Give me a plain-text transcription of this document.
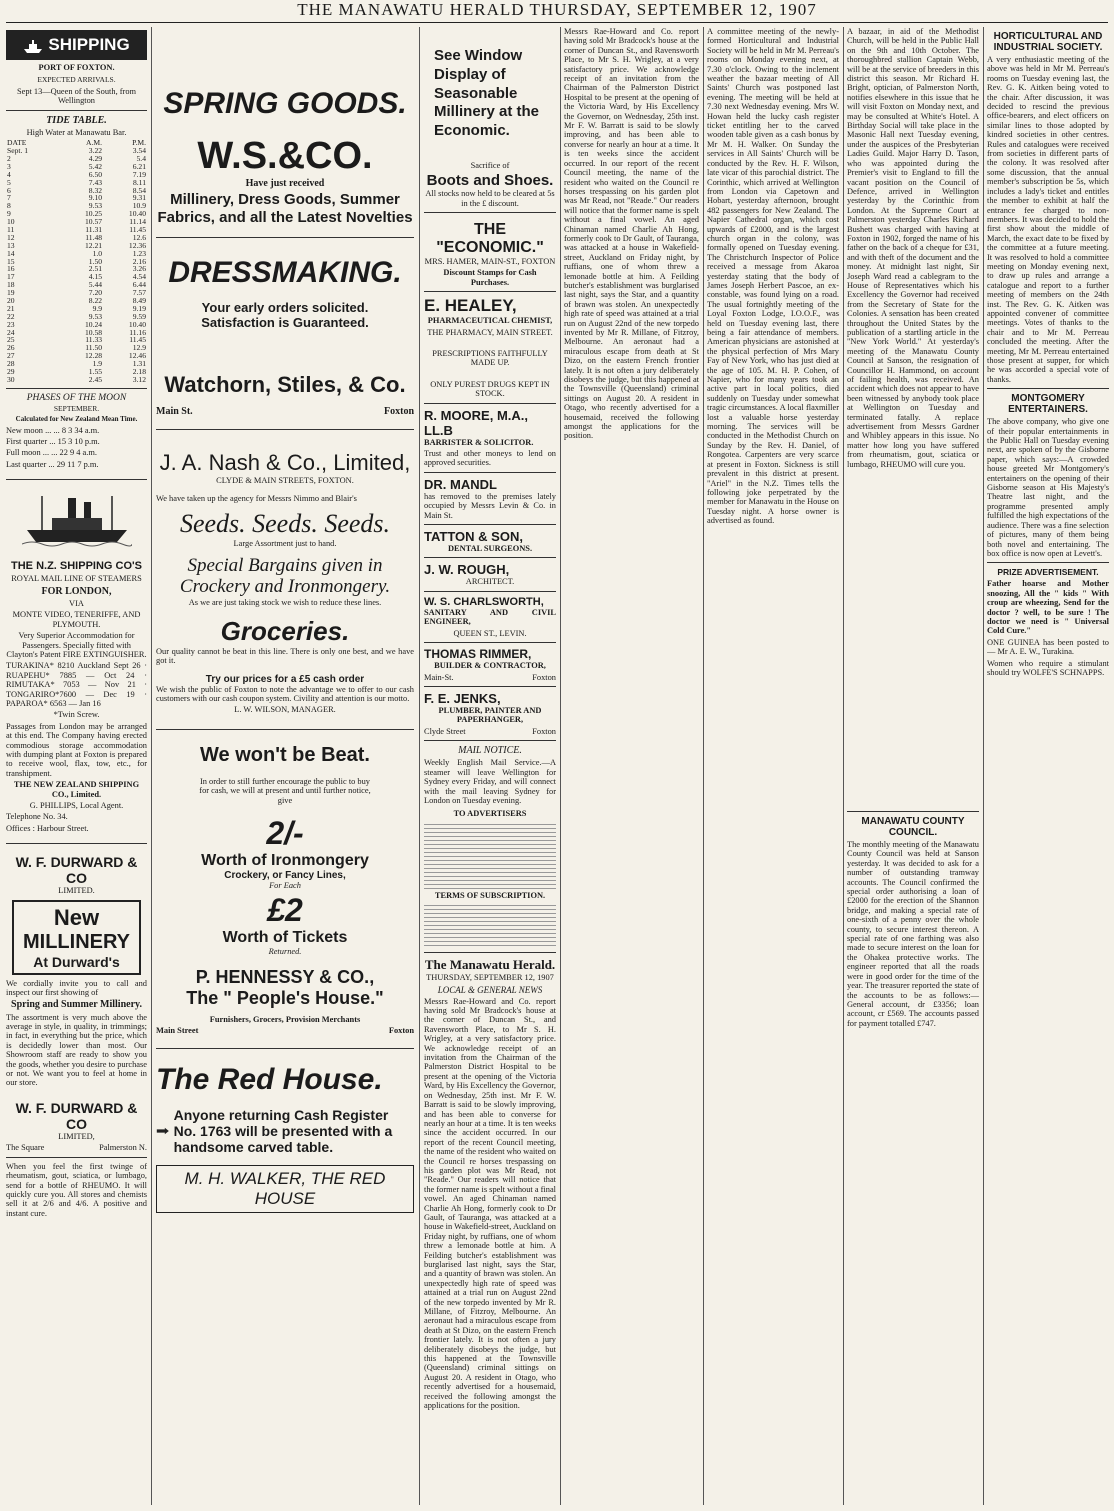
THE MANAWATU HERALD THURSDAY, SEPTEMBER 12, 1907
SHIPPING
PORT OF FOXTON.
EXPECTED ARRIVALS.
Sept 13—Queen of the South, from Wellington
TIDE TABLE.
High Water at Manawatu Bar.
DATE	A.M.	P.M.
Sept. 1	3.22	3.54
2	4.29	5.4
3	5.42	6.21
4	6.50	7.19
5	7.43	8.11
6	8.32	8.54
7	9.10	9.31
8	9.53	10.9
9	10.25	10.40
10	10.57	11.14
11	11.31	11.45
12	11.48	12.6
13	12.21	12.36
14	1.0	1.23
15	1.50	2.16
16	2.51	3.26
17	4.15	4.54
18	5.44	6.44
19	7.20	7.57
20	8.22	8.49
21	9.9	9.19
22	9.53	9.59
23	10.24	10.40
24	10.58	11.16
25	11.33	11.45
26	11.50	12.9
27	12.28	12.46
28	1.9	1.31
29	1.55	2.18
30	2.45	3.12
PHASES OF THE MOON
SEPTEMBER.
Calculated for New Zealand Mean Time.
New moon ... ... 8 3 34 a.m.
First quarter ... 15 3 10 p.m.
Full moon ... ... 22 9 4 a.m.
Last quarter ... 29 11 7 p.m.
THE N.Z. SHIPPING CO'S
ROYAL MAIL LINE OF STEAMERS
FOR LONDON,
VIA
MONTE VIDEO, TENERIFFE, AND PLYMOUTH.
Very Superior Accommodation for Passengers. Specially fitted with Clayton's Patent FIRE EXTINGUISHER.
TURAKINA* 8210 Auckland Sept 26 · RUAPEHU* 7885 — Oct 24 · RIMUTAKA* 7053 — Nov 21 · TONGARIRO*7600 — Dec 19 · PAPAROA* 6563 — Jan 16
*Twin Screw.
Passages from London may be arranged at this end. The Company having erected commodious storage accommodation with dumping plant at Foxton is prepared to receive wool, flax, tow, etc., for transhipment.
THE NEW ZEALAND SHIPPING CO., Limited.
G. PHILLIPS, Local Agent.
Telephone No. 34.
Offices : Harbour Street.
W. F. DURWARD & CO
LIMITED.
New
MILLINERY
At Durward's
We cordially invite you to call and inspect our first showing of
Spring and Summer Millinery.
The assortment is very much above the average in style, in quality, in trimmings; in fact, in everything but the price, which is decidedly lower than most. Our Showroom staff are ready to show you the goods, whether you desire to purchase or not. We want you to feel at home in our store.
W. F. DURWARD & CO
LIMITED,
The Square	Palmerston N.
When you feel the first twinge of rheumatism, gout, sciatica, or lumbago, send for a bottle of RHEUMO. It will quickly cure you. All stores and chemists sell it at 2/6 and 4/6. A positive and instant cure.
SPRING GOODS.
W.S.&CO.
Have just received
Millinery, Dress Goods, Summer Fabrics, and all the Latest Novelties
DRESSMAKING.
Your early orders solicited.
Satisfaction is Guaranteed.
Watchorn, Stiles, & Co.
Main St.	Foxton
J. A. Nash & Co., Limited,
CLYDE & MAIN STREETS, FOXTON.
We have taken up the agency for Messrs Nimmo and Blair's
Seeds. Seeds. Seeds.
Large Assortment just to hand.
Special Bargains given in Crockery and Ironmongery.
As we are just taking stock we wish to reduce these lines.
Groceries.
Our quality cannot be beat in this line. There is only one best, and we have got it.
Try our prices for a £5 cash order
We wish the public of Foxton to note the advantage we to offer to our cash customers with our cash coupon system. Civility and attention is our motto.
L. W. WILSON, MANAGER.
We won't be Beat.
In order to still further encourage the public to buy for cash, we will at present and until further notice, give
2/-
Worth of Ironmongery
Crockery, or Fancy Lines,
For Each
£2
Worth of Tickets
Returned.
P. HENNESSY & CO.,
The " People's House."
Furnishers, Grocers, Provision Merchants
Main Street	Foxton
The Red House.
Anyone returning Cash Register No. 1763 will be presented with a handsome carved table.
M. H. WALKER, THE RED HOUSE
See Window Display of Seasonable Millinery at the Economic.
Sacrifice of
Boots and Shoes.
All stocks now held to be cleared at 5s in the £ discount.
THE "ECONOMIC."
MRS. HAMER, MAIN-ST., FOXTON
Discount Stamps for Cash Purchases.
E. HEALEY,
PHARMACEUTICAL CHEMIST,
THE PHARMACY, MAIN STREET.
PRESCRIPTIONS FAITHFULLY MADE UP.
ONLY PUREST DRUGS KEPT IN STOCK.
R. MOORE, M.A., LL.B
BARRISTER & SOLICITOR.
Trust and other moneys to lend on approved securities.
DR. MANDL
has removed to the premises lately occupied by Messrs Levin & Co. in Main St.
TATTON & SON,
DENTAL SURGEONS.
J. W. ROUGH,
ARCHITECT.
W. S. CHARLSWORTH,
SANITARY AND CIVIL ENGINEER,
QUEEN ST., LEVIN.
THOMAS RIMMER,
BUILDER & CONTRACTOR,
Main-St.	Foxton
F. E. JENKS,
PLUMBER, PAINTER AND PAPERHANGER,
Clyde Street	Foxton
MAIL NOTICE.
Weekly English Mail Service.—A steamer will leave Wellington for Sydney every Friday, and will connect with the mail leaving Sydney for London on Tuesday evening.
TO ADVERTISERS
TERMS OF SUBSCRIPTION.
The Manawatu Herald.
THURSDAY, SEPTEMBER 12, 1907
LOCAL & GENERAL NEWS
Messrs Rae-Howard and Co. report having sold Mr Bradcock's house at the corner of Duncan St., and Ravensworth Place, to Mr S. H. Wrigley, at a very satisfactory price. We acknowledge receipt of an invitation from the Chairman of the Palmerston District Hospital to be present at the opening of the Victoria Ward, by His Excellency the Governor, on Wednesday, 25th inst. Mr F. W. Barratt is said to be slowly improving, and has been able to converse for nearly an hour at a time. It is ten weeks since the accident occurred. In our report of the recent Council meeting, the name of the resident who waited on the Council re horses trespassing on his garden plot was Mr Read, not "Reade." Our readers will notice that the former name is spelt without a final vowel. An aged Chinaman named Charlie Ah Hong, formerly cook to Dr Gault, of Tauranga, was attacked at a house in Wakefield-street, Auckland on Friday night, by ruffians, one of whom threw a lemonade bottle at him. A Feilding butcher's establishment was burglarised last night, says the Star, and a quantity of brawn was stolen. An unexpectedly high rate of speed was attained at a trial run on August 22nd of the new torpedo invented by Mr R. Millane, of Fitzroy, Melbourne. An aeronaut had a miraculous escape from death at St Dizo, on the eastern French frontier lately. It is not often a jury deliberately disobeys the judge, but this happened at the Townsville (Queensland) criminal sittings on August 20. A resident in Otago, who recently advertised for a housemaid, received the following amongst the applications for the position.
Messrs Rae-Howard and Co. report having sold Mr Bradcock's house at the corner of Duncan St., and Ravensworth Place, to Mr S. H. Wrigley, at a very satisfactory price. We acknowledge receipt of an invitation from the Chairman of the Palmerston District Hospital to be present at the opening of the Victoria Ward, by His Excellency the Governor, on Wednesday, 25th inst. Mr F. W. Barratt is said to be slowly improving, and has been able to converse for nearly an hour at a time. It is ten weeks since the accident occurred. In our report of the recent Council meeting, the name of the resident who waited on the Council re horses trespassing on his garden plot was Mr Read, not "Reade." Our readers will notice that the former name is spelt without a final vowel. An aged Chinaman named Charlie Ah Hong, formerly cook to Dr Gault, of Tauranga, was attacked at a house in Wakefield-street, Auckland on Friday night, by ruffians, one of whom threw a lemonade bottle at him. A Feilding butcher's establishment was burglarised last night, says the Star, and a quantity of brawn was stolen. An unexpectedly high rate of speed was attained at a trial run on August 22nd of the new torpedo invented by Mr R. Millane, of Fitzroy, Melbourne. An aeronaut had a miraculous escape from death at St Dizo, on the eastern French frontier lately. It is not often a jury deliberately disobeys the judge, but this happened at the Townsville (Queensland) criminal sittings on August 20. A resident in Otago, who recently advertised for a housemaid, received the following amongst the applications for the position.
A committee meeting of the newly-formed Horticultural and Industrial Society will be held in Mr M. Perreau's rooms on Monday evening next, at 7.30 o'clock. Owing to the inclement weather the bazaar meeting of All Saints' Church was postponed last evening. The meeting will be held at 7.30 next Wednesday evening. Mrs W. Howan held the lucky cash register ticket entitling her to the carved wooden table given as a cash bonus by Mr M. H. Walker. On Sunday the services in All Saints' Church will be conducted by the Rev. H. F. Wilson, late vicar of this parochial district. The Corinthic, which arrived at Wellington from London via Capetown and Hobart, yesterday afternoon, brought 482 passengers for New Zealand. The Napier Cathedral organ, which cost upwards of £2000, and is the largest church organ in the colony, was formally opened on Tuesday evening. The Christchurch Inspector of Police received a message from Akaroa yesterday stating that the body of James Joseph Herbert Pascoe, an ex-constable, was found lying on a road. The usual fortnightly meeting of the Loyal Foxton Lodge, I.O.O.F., was held on Tuesday evening last, there being a fair attendance of members. American physicians are astonished at the physical perfection of Mrs Mary Fay of New York, who has just died at the age of 105. M. H. P. Cohen, of Napier, who for many years took an active part in local politics, died suddenly on Tuesday under somewhat tragic circumstances. A local flaxmiller lost a valuable horse yesterday morning. The services will be conducted in the Methodist Church on Sunday by the Rev. H. Daniel, of Rongotea. Carpenters are very scarce at present in Foxton. Sickness is still prevalent in this district at present. "Ariel" in the N.Z. Times tells the following joke perpetrated by the member for Manawatu in the House on Tuesday night. A horse owner is advertised as found.
A bazaar, in aid of the Methodist Church, will be held in the Public Hall on the 9th and 10th October. The thoroughbred stallion Captain Webb, will be at the service of breeders in this district this season. Mr Richard H. Bright, optician, of Palmerston North, notifies elsewhere in this issue that he will visit Foxton on Monday next, and may be consulted at White's Hotel. A Birthday Social will take place in the Masonic Hall next Tuesday evening, under the auspices of the Presbyterian Ladies Guild. Major Harry D. Tason, who was appointed during the Premier's visit to England to fill the vacant position on the Council of Defence, arrived in Wellington yesterday by the Corinthic from London. At the Supreme Court at Palmerston yesterday Charles Richard Bushett was charged with having at Foxton in 1902, forged the name of his father on the back of a cheque for £31, and with theft of the document and the money. At midnight last night, Sir Joseph Ward read a cablegram to the House of Representatives which his Excellency the Governor had received from the Secretary of State for the Colonies. A sensation has been created throughout the United States by the publication of a startling article in the "New York World." At yesterday's meeting of the Manawatu County Council at Sanson, the resignation of Councillor H. Hammond, on account of failing health, was received. An accident which does not appear to have been witnessed by anybody took place at Wellington on Tuesday and terminated fatally. A replace advertisement from Messrs Gardner and Whibley appears in this issue. No matter how long you have suffered from rheumatism, gout, sciatica or lumbago, RHEUMO will cure you.
MANAWATU COUNTY COUNCIL.
The monthly meeting of the Manawatu County Council was held at Sanson yesterday. It was decided to ask for a number of outstanding tramway accounts. The Council confirmed the special order authorising a loan of £2000 for the erection of the Shannon bridge, and making a special rate of one-sixth of a penny over the whole county, to secure interest thereon. A special rate of one farthing was also made to secure interest on the loan for the Ohakea protective works. The engineer reported that all the roads were in good order for the time of the year. The treasurer reported the state of the accounts to be as follows:—General account, dr £3356; loan account, cr £569. The accounts passed for payment totalled £747.
HORTICULTURAL AND INDUSTRIAL SOCIETY.
A very enthusiastic meeting of the above was held in Mr M. Perreau's rooms on Tuesday evening last, the Rev. G. K. Aitken being voted to the chair. After discussion, it was decided to rescind the previous office-bearers, and elect officers on similar lines to those adopted by kindred societies in other centres. Rules and catalogues were received from societies in different parts of the colony. It was resolved after some discussion, that the annual member's subscription be 5s, which includes a lady's ticket and entitles the member to exhibit at half the entrance fee charged to non-members. It was decided to hold the first show about the middle of March, the exact date to be fixed by the committee at a future meeting. It was resolved to hold a committee meeting on Monday evening next, to draw up rules and arrange a catalogue and report to a further meeting of members on the 24th inst. The Rev. G. K. Aitken was appointed convener of committee meetings. Votes of thanks to the chair and to Mr M. Perreau concluded the meeting. After the meeting, Mr M. Perreau entertained those present at supper, for which he was accorded a special vote of thanks.
MONTGOMERY ENTERTAINERS.
The above company, who give one of their popular entertainments in the Public Hall on Tuesday evening next, are spoken of by the Gisborne paper, which says:—A crowded house greeted Mr Montgomery's entertainers on the opening of their Gisborne season at His Majesty's Theatre last night, and the programme presented amply fulfilled the high expectations of the audience. There was a fine selection of pictures, many of them being both novel and entertaining. The box office is now open at Levett's.
PRIZE ADVERTISEMENT.
Father hoarse and Mother snoozing, All the " kids " With croup are wheezing, Send for the doctor ? well, to be sure ! The doctor we need is " Universal Cold Cure."
ONE GUINEA has been posted to— Mr A. E. W., Turakina.
Women who require a stimulant should try WOLFE'S SCHNAPPS.
